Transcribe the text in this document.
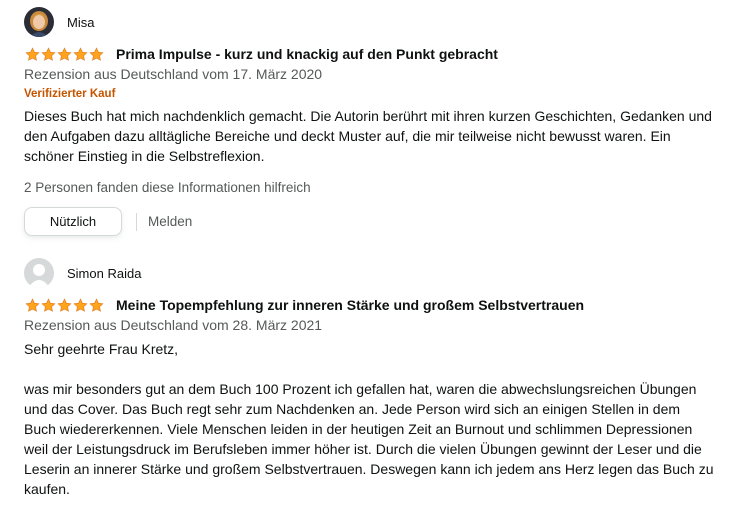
Misa
Prima Impulse - kurz und knackig auf den Punkt gebracht
Rezension aus Deutschland vom 17. März 2020
Verifizierter Kauf

Dieses Buch hat mich nachdenklich gemacht. Die Autorin berührt mit ihren kurzen Geschichten, Gedanken und den Aufgaben dazu alltägliche Bereiche und deckt Muster auf, die mir teilweise nicht bewusst waren. Ein schöner Einstieg in die Selbstreflexion.

2 Personen fanden diese Informationen hilfreich
Nützlich	Melden
Simon Raida
Meine Topempfehlung zur inneren Stärke und großem Selbstvertrauen
Rezension aus Deutschland vom 28. März 2021

Sehr geehrte Frau Kretz,

was mir besonders gut an dem Buch 100 Prozent ich gefallen hat, waren die abwechslungsreichen Übungen und das Cover. Das Buch regt sehr zum Nachdenken an. Jede Person wird sich an einigen Stellen in dem Buch wiedererkennen. Viele Menschen leiden in der heutigen Zeit an Burnout und schlimmen Depressionen weil der Leistungsdruck im Berufsleben immer höher ist. Durch die vielen Übungen gewinnt der Leser und die Leserin an innerer Stärke und großem Selbstvertrauen. Deswegen kann ich jedem ans Herz legen das Buch zu kaufen.
